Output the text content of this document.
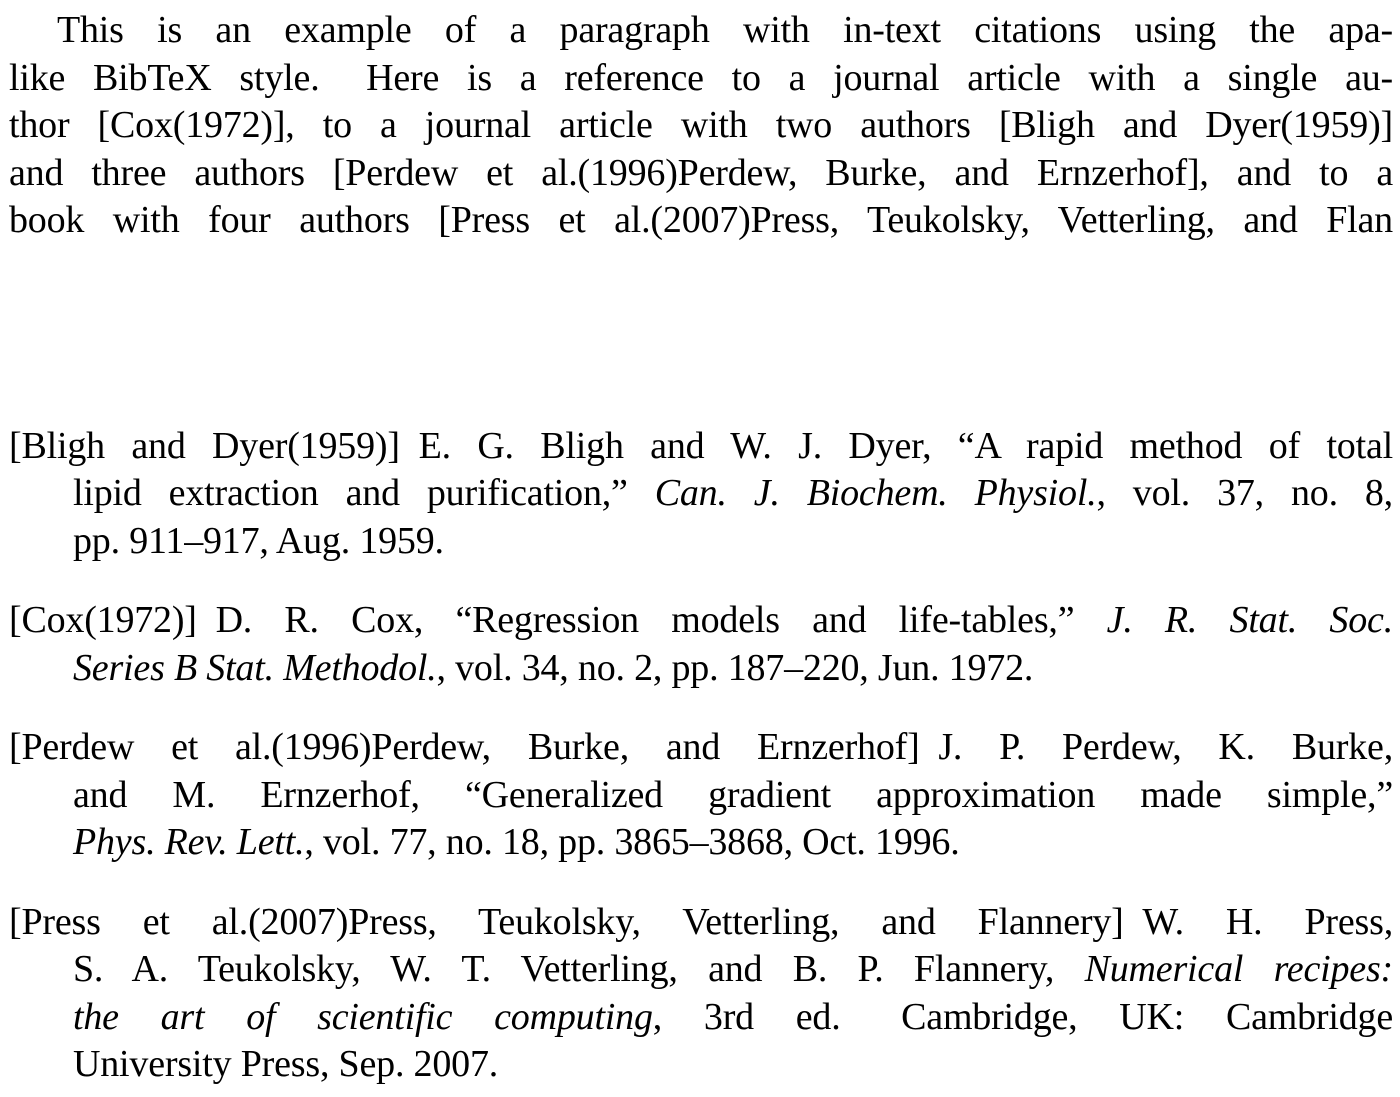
This is an example of a paragraph with in-text citations using the apa-
like BibTeX style.  Here is a reference to a journal article with a single au-
thor [Cox(1972)], to a journal article with two authors [Bligh and Dyer(1959)]
and three authors [Perdew et al.(1996)Perdew, Burke, and Ernzerhof], and to a
book with four authors [Press et al.(2007)Press, Teukolsky, Vetterling, and Flan
[Bligh and Dyer(1959)] E. G. Bligh and W. J. Dyer, “A rapid method of total
lipid extraction and purification,” Can. J. Biochem. Physiol., vol. 37, no. 8,
pp. 911–917, Aug. 1959.
[Cox(1972)] D. R. Cox, “Regression models and life-tables,” J. R. Stat. Soc.
Series B Stat. Methodol., vol. 34, no. 2, pp. 187–220, Jun. 1972.
[Perdew et al.(1996)Perdew, Burke, and Ernzerhof] J. P. Perdew, K. Burke,
and M. Ernzerhof, “Generalized gradient approximation made simple,”
Phys. Rev. Lett., vol. 77, no. 18, pp. 3865–3868, Oct. 1996.
[Press et al.(2007)Press, Teukolsky, Vetterling, and Flannery] W. H. Press,
S. A. Teukolsky, W. T. Vetterling, and B. P. Flannery, Numerical recipes:
the art of scientific computing, 3rd ed.  Cambridge, UK: Cambridge
University Press, Sep. 2007.
